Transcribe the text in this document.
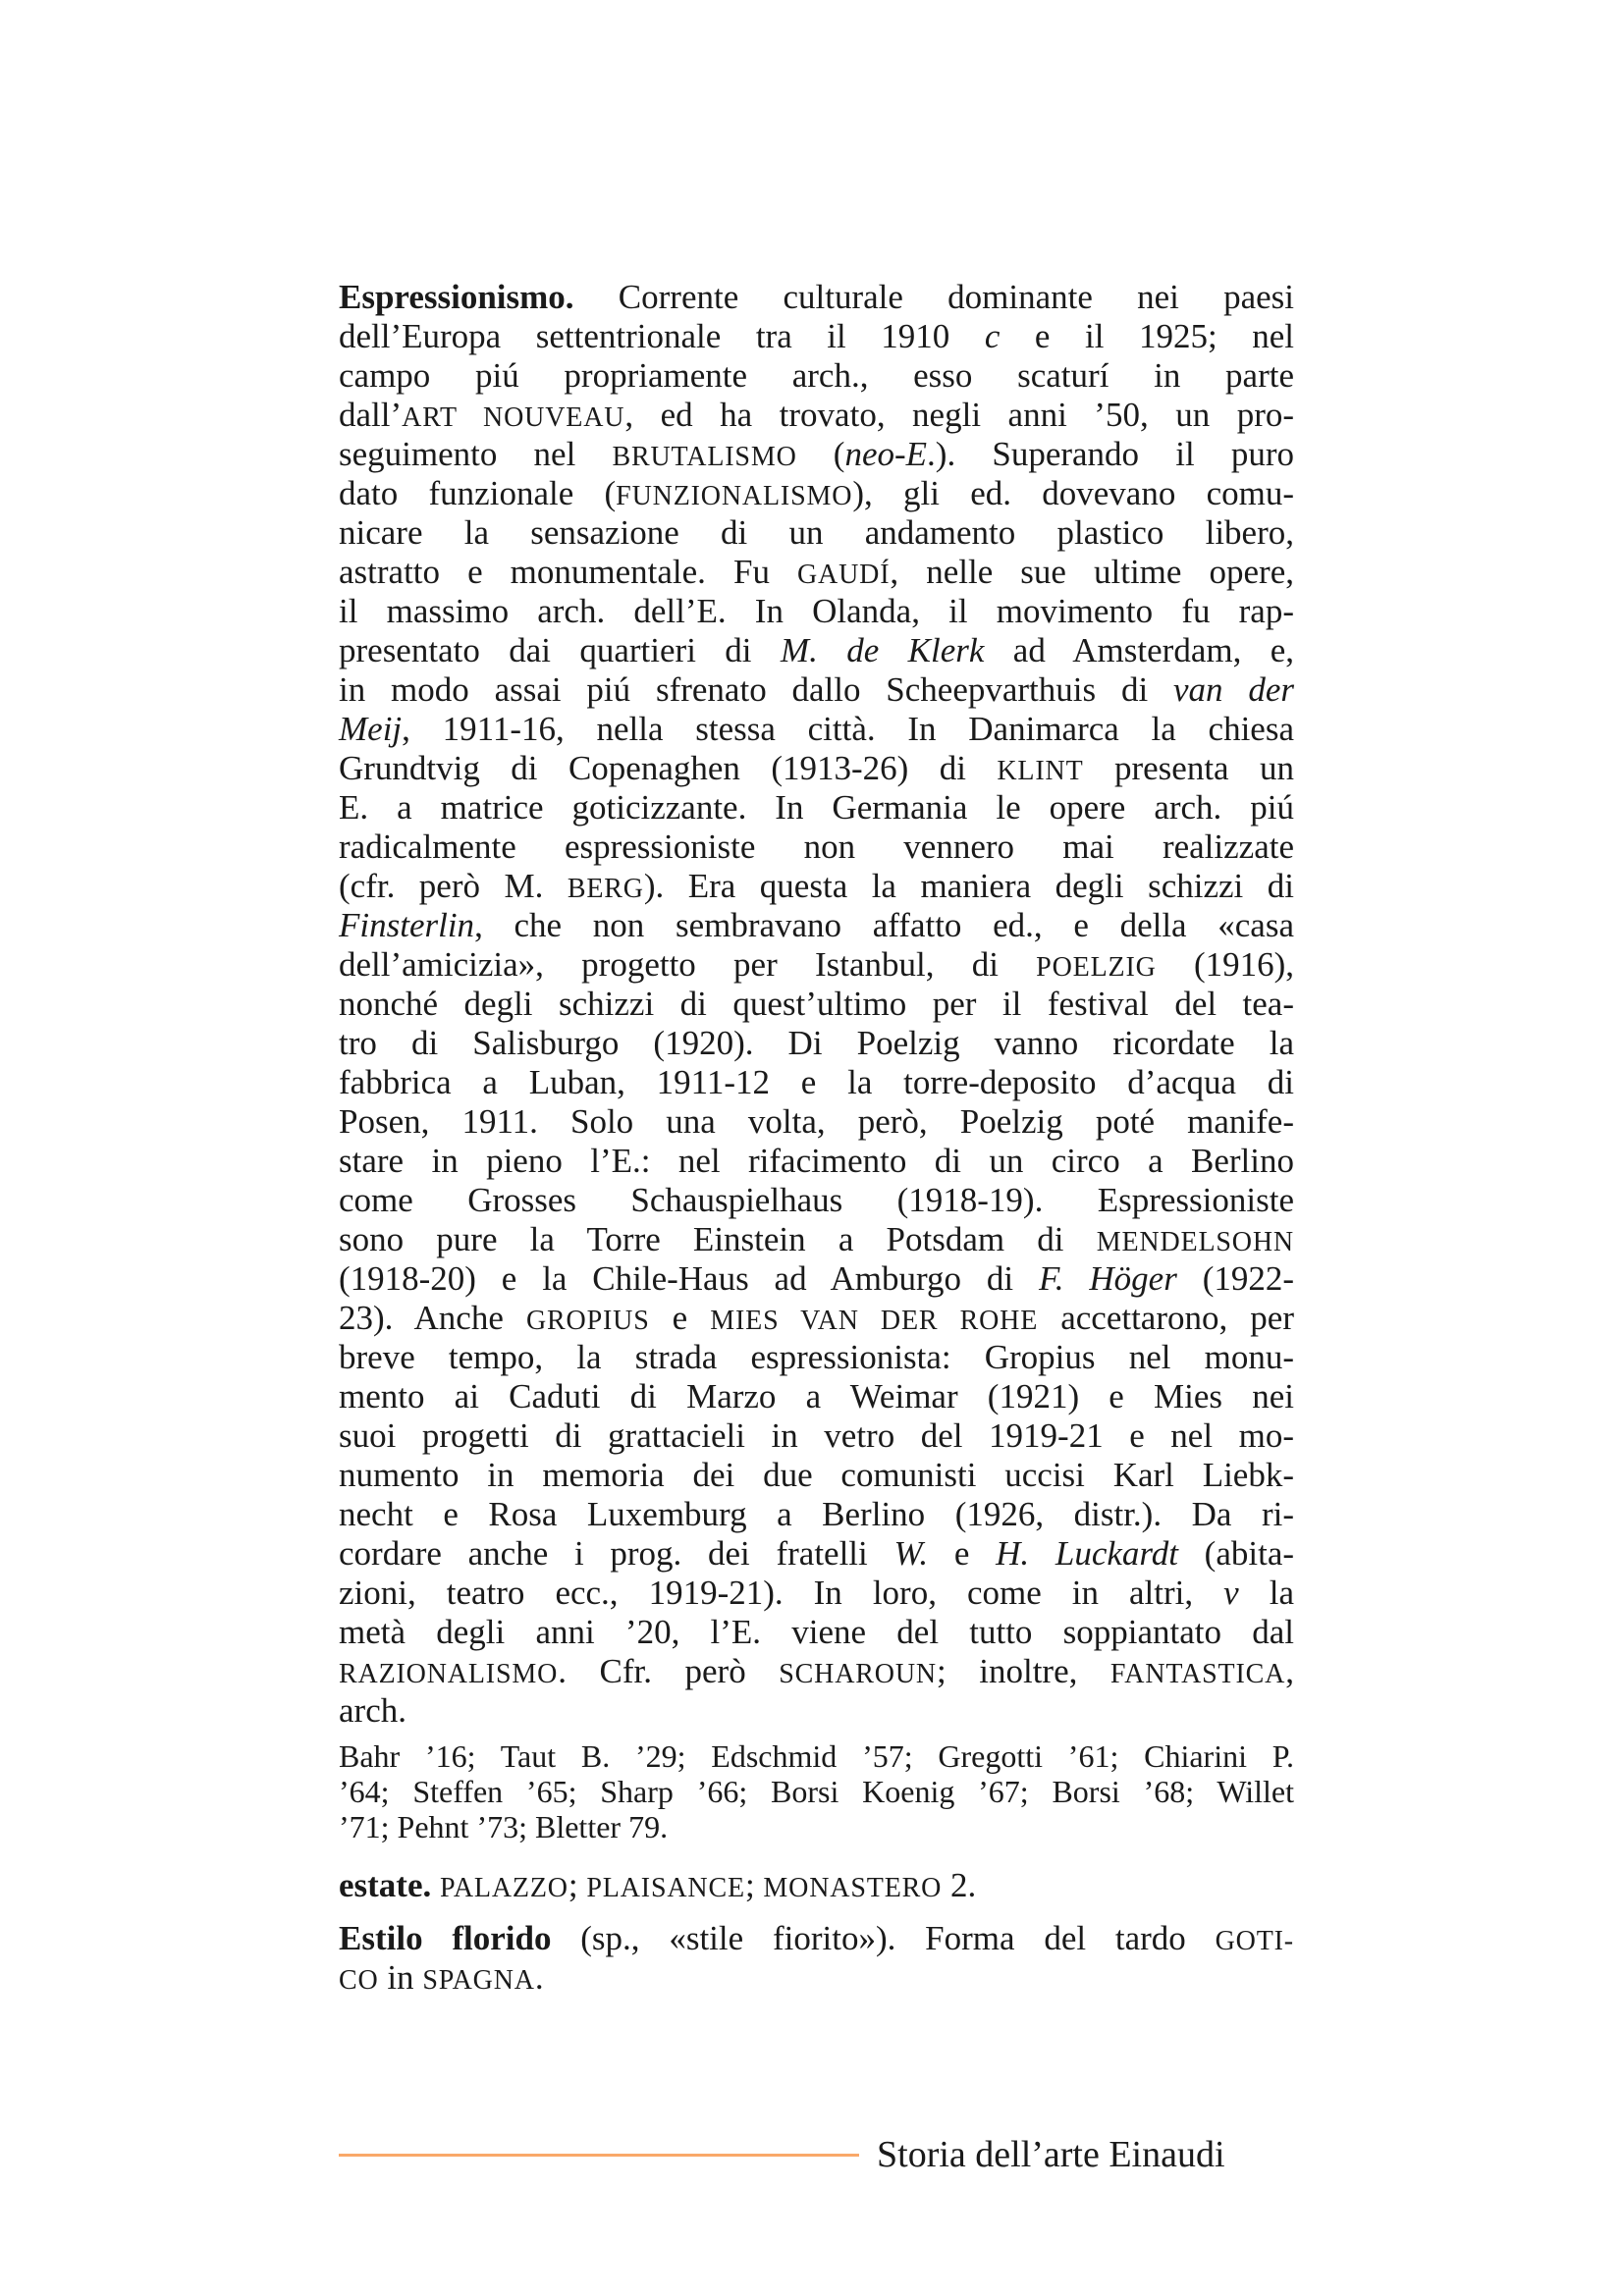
Espressionismo. Corrente culturale dominante nei paesi
dell’Europa settentrionale tra il 1910 c e il 1925; nel
campo piú propriamente arch., esso scaturí in parte
dall’ART NOUVEAU, ed ha trovato, negli anni ’50, un pro-
seguimento nel BRUTALISMO (neo-E.). Superando il puro
dato funzionale (FUNZIONALISMO), gli ed. dovevano comu-
nicare la sensazione di un andamento plastico libero,
astratto e monumentale. Fu GAUDÍ, nelle sue ultime opere,
il massimo arch. dell’E. In Olanda, il movimento fu rap-
presentato dai quartieri di M. de Klerk ad Amsterdam, e,
in modo assai piú sfrenato dallo Scheepvarthuis di van der
Meij, 1911-16, nella stessa città. In Danimarca la chiesa
Grundtvig di Copenaghen (1913-26) di KLINT presenta un
E. a matrice goticizzante. In Germania le opere arch. piú
radicalmente espressioniste non vennero mai realizzate
(cfr. però M. BERG). Era questa la maniera degli schizzi di
Finsterlin, che non sembravano affatto ed., e della «casa
dell’amicizia», progetto per Istanbul, di POELZIG (1916),
nonché degli schizzi di quest’ultimo per il festival del tea-
tro di Salisburgo (1920). Di Poelzig vanno ricordate la
fabbrica a Luban, 1911-12 e la torre-deposito d’acqua di
Posen, 1911. Solo una volta, però, Poelzig poté manife-
stare in pieno l’E.: nel rifacimento di un circo a Berlino
come Grosses Schauspielhaus (1918-19). Espressioniste
sono pure la Torre Einstein a Potsdam di MENDELSOHN
(1918-20) e la Chile-Haus ad Amburgo di F. Höger (1922-
23). Anche GROPIUS e MIES VAN DER ROHE accettarono, per
breve tempo, la strada espressionista: Gropius nel monu-
mento ai Caduti di Marzo a Weimar (1921) e Mies nei
suoi progetti di grattacieli in vetro del 1919-21 e nel mo-
numento in memoria dei due comunisti uccisi Karl Liebk-
necht e Rosa Luxemburg a Berlino (1926, distr.). Da ri-
cordare anche i prog. dei fratelli W. e H. Luckardt (abita-
zioni, teatro ecc., 1919-21). In loro, come in altri, v la
metà degli anni ’20, l’E. viene del tutto soppiantato dal
RAZIONALISMO. Cfr. però SCHAROUN; inoltre, FANTASTICA,
arch.
Bahr ’16; Taut B. ’29; Edschmid ’57; Gregotti ’61; Chiarini P.
’64; Steffen ’65; Sharp ’66; Borsi Koenig ’67; Borsi ’68; Willet
’71; Pehnt ’73; Bletter 79.
estate. PALAZZO; PLAISANCE; MONASTERO 2.
Estilo florido (sp., «stile fiorito»). Forma del tardo GOTI-
CO in SPAGNA.
Storia dell’arte Einaudi
